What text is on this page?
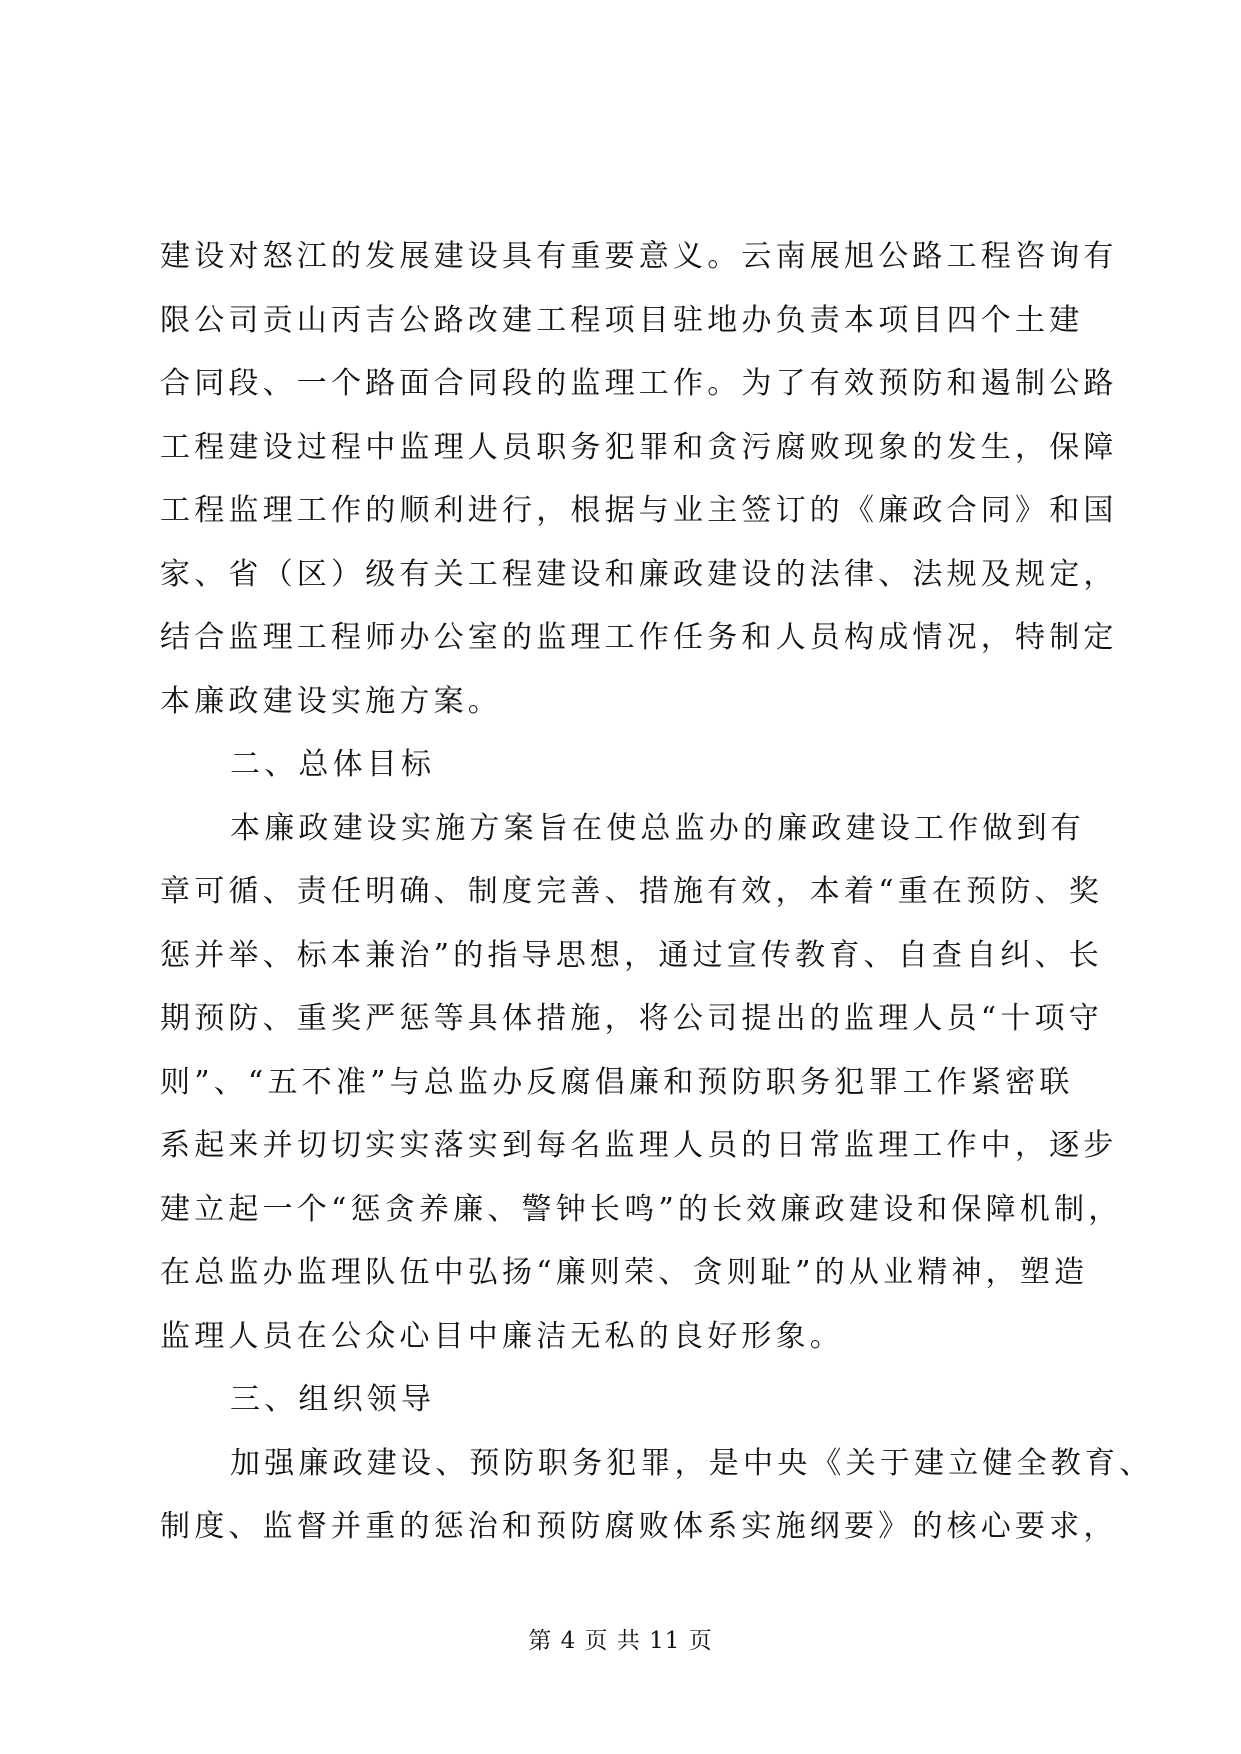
建设对怒江的发展建设具有重要意义。云南展旭公路工程咨询有
限公司贡山丙吉公路改建工程项目驻地办负责本项目四个土建
合同段、一个路面合同段的监理工作。为了有效预防和遏制公路
工程建设过程中监理人员职务犯罪和贪污腐败现象的发生，保障
工程监理工作的顺利进行，根据与业主签订的《廉政合同》和国
家、省（区）级有关工程建设和廉政建设的法律、法规及规定，
结合监理工程师办公室的监理工作任务和人员构成情况，特制定
本廉政建设实施方案。
二、总体目标
本廉政建设实施方案旨在使总监办的廉政建设工作做到有
章可循、责任明确、制度完善、措施有效，本着“重在预防、奖
惩并举、标本兼治”的指导思想，通过宣传教育、自查自纠、长
期预防、重奖严惩等具体措施，将公司提出的监理人员“十项守
则”、“五不准”与总监办反腐倡廉和预防职务犯罪工作紧密联
系起来并切切实实落实到每名监理人员的日常监理工作中，逐步
建立起一个“惩贪养廉、警钟长鸣”的长效廉政建设和保障机制，
在总监办监理队伍中弘扬“廉则荣、贪则耻”的从业精神，塑造
监理人员在公众心目中廉洁无私的良好形象。
三、组织领导
加强廉政建设、预防职务犯罪，是中央《关于建立健全教育、
制度、监督并重的惩治和预防腐败体系实施纲要》的核心要求，
第 4 页 共 11 页
